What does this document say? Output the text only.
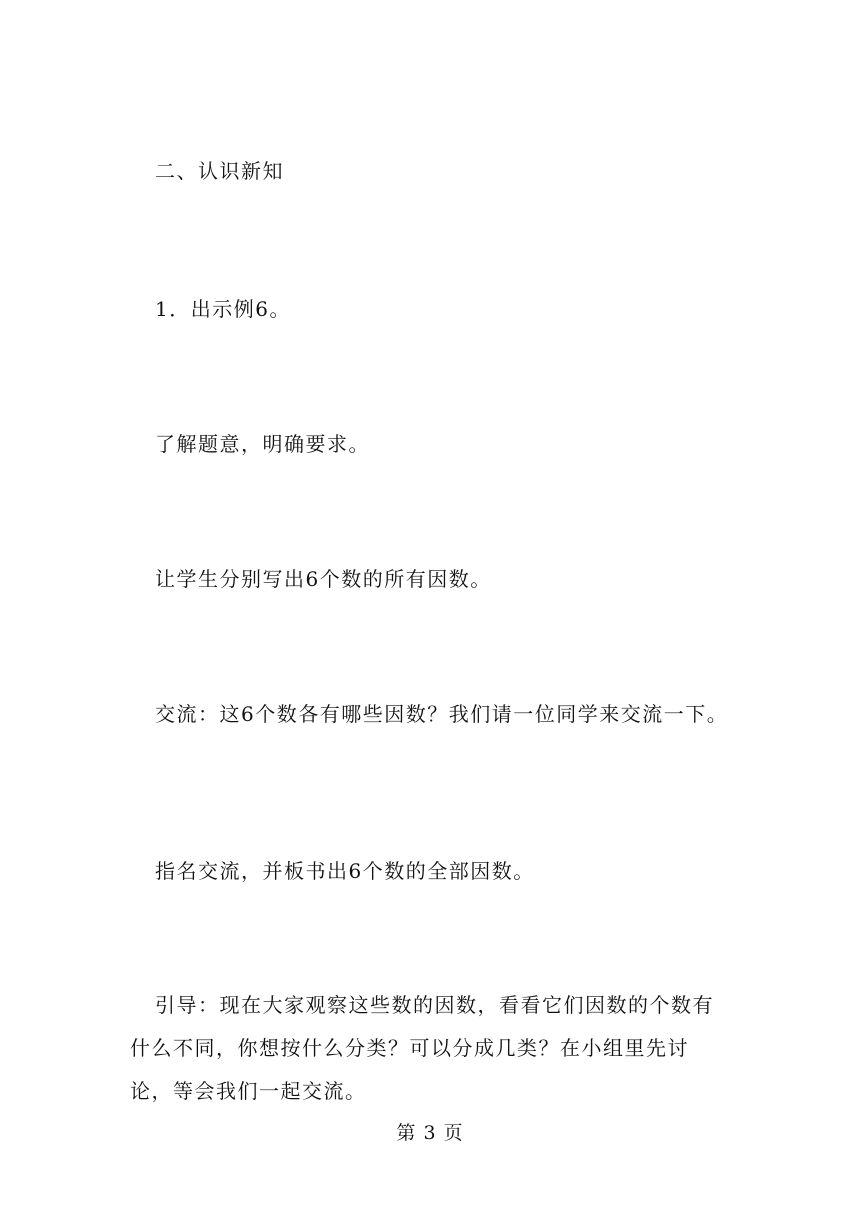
二、认识新知

1．出示例6。

了解题意，明确要求。

让学生分别写出6个数的所有因数。

交流：这6个数各有哪些因数？我们请一位同学来交流一下。

指名交流，并板书出6个数的全部因数。

引导：现在大家观察这些数的因数，看看它们因数的个数有什么不同，你想按什么分类？可以分成几类？在小组里先讨论，等会我们一起交流。

第 3 页
